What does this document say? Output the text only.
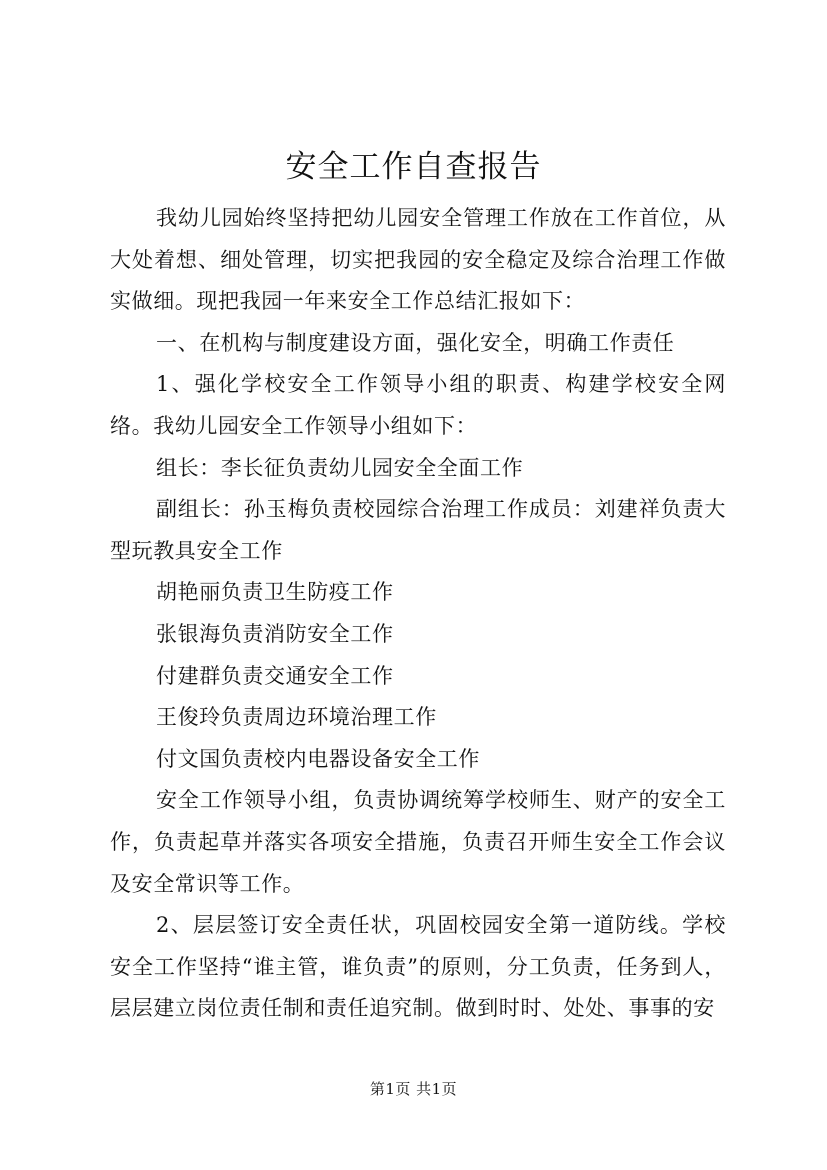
安全工作自查报告

我幼儿园始终坚持把幼儿园安全管理工作放在工作首位，从大处着想、细处管理，切实把我园的安全稳定及综合治理工作做实做细。现把我园一年来安全工作总结汇报如下：

一、在机构与制度建设方面，强化安全，明确工作责任

1、强化学校安全工作领导小组的职责、构建学校安全网络。我幼儿园安全工作领导小组如下：

组长：李长征负责幼儿园安全全面工作

副组长：孙玉梅负责校园综合治理工作成员：刘建祥负责大型玩教具安全工作

胡艳丽负责卫生防疫工作

张银海负责消防安全工作

付建群负责交通安全工作

王俊玲负责周边环境治理工作

付文国负责校内电器设备安全工作

安全工作领导小组，负责协调统筹学校师生、财产的安全工作，负责起草并落实各项安全措施，负责召开师生安全工作会议及安全常识等工作。

2、层层签订安全责任状，巩固校园安全第一道防线。学校安全工作坚持“谁主管，谁负责”的原则，分工负责，任务到人，层层建立岗位责任制和责任追究制。做到时时、处处、事事的安

第1页 共1页
